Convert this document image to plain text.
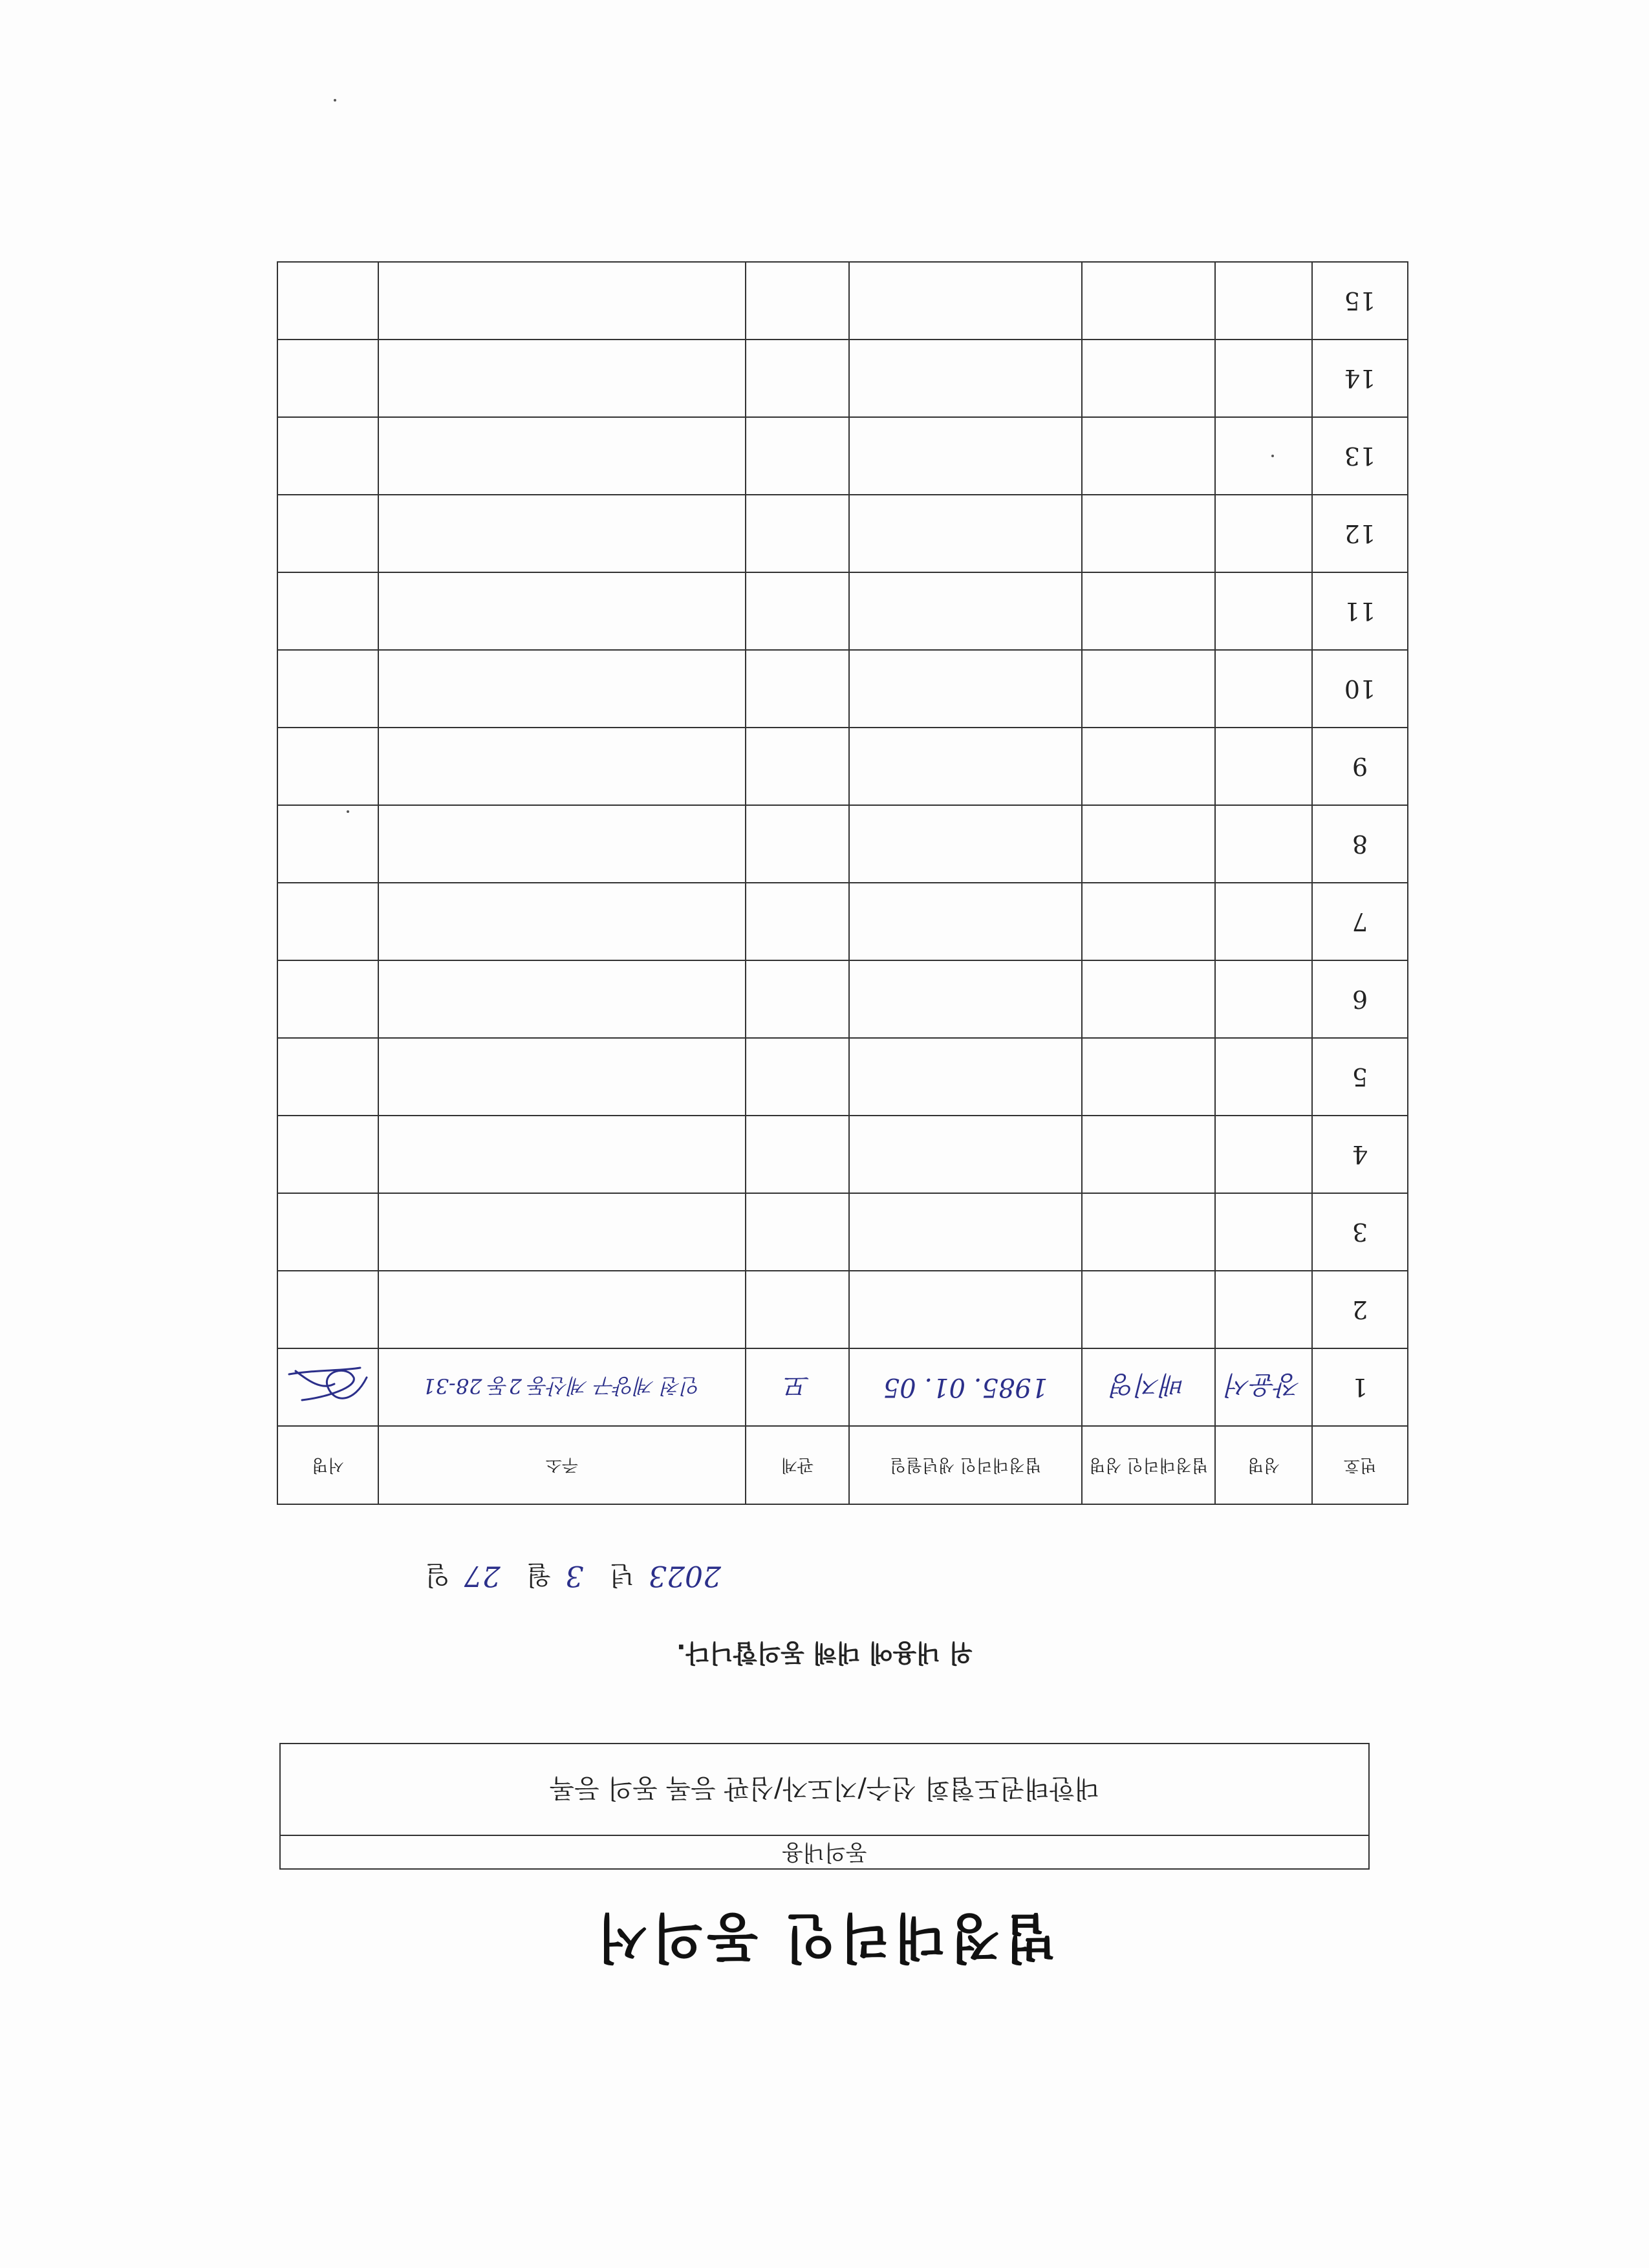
법정대리인 동의서
동의내용
대한태권도협회 선수/지도자/심판 등록 동의 등록
위 내용에 대해 동의합니다.
2023
년
3
월
27
일
번호	성명	법정대리인 성명	법정대리인 생년월일	관계	주소	서명
1	장윤서	배지영	1985. 01. 05	모	인천 계양구 계산동 2동 28-31	

2						
3						
4						
5						
6						
7						
8						
9						
10						
11						
12						
13						
14						
15						
